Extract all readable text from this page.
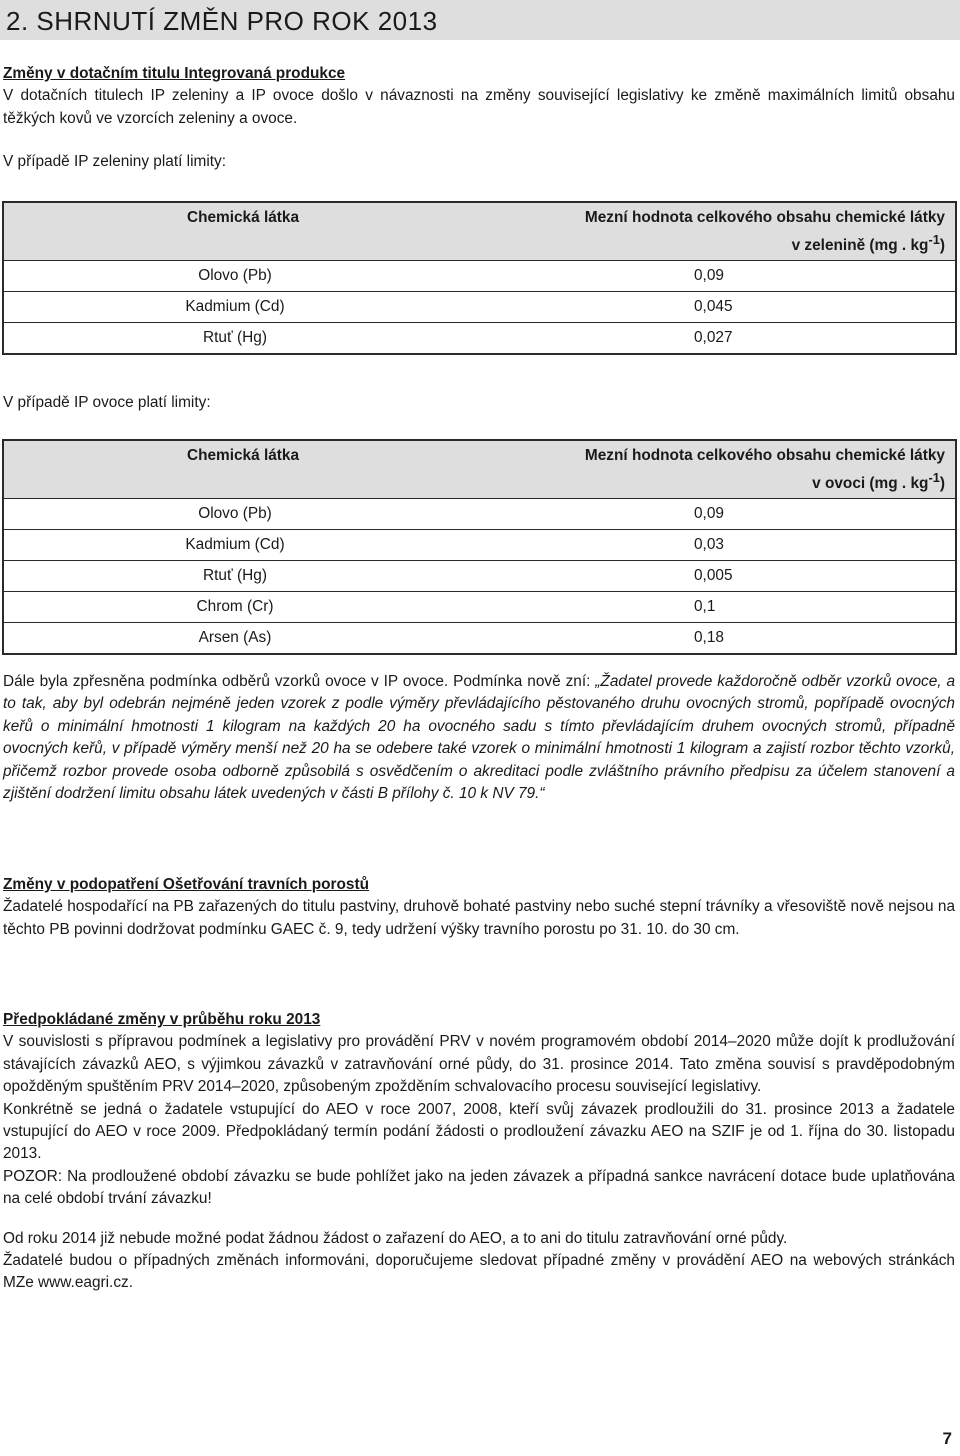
2. SHRNUTÍ ZMĚN PRO ROK 2013

Změny v dotačním titulu Integrovaná produkce

V dotačních titulech IP zeleniny a IP ovoce došlo v návaznosti na změny související legislativy ke změně maximálních limitů obsahu těžkých kovů ve vzorcích zeleniny a ovoce.

V případě IP zeleniny platí limity:

Chemická látka	Mezní hodnota celkového obsahu chemické látky
v zelenině (mg . $kg^{-1}$)

Olovo (Pb)	0,09

Kadmium (Cd)	0,045

Rtuť (Hg)	0,027

V případě IP ovoce platí limity:

Chemická látka	Mezní hodnota celkového obsahu chemické látky
v ovoci (mg . $kg^{-1}$)

Olovo (Pb)	0,09

Kadmium (Cd)	0,03

Rtuť (Hg)	0,005

Chrom (Cr)	0,1

Arsen (As)	0,18

Dále byla zpřesněna podmínka odběrů vzorků ovoce v IP ovoce. Podmínka nově zní: „Žadatel provede každoročně odběr vzorků ovoce, a to tak, aby byl odebrán nejméně jeden vzorek z podle výměry převládajícího pěstovaného druhu ovocných stromů, popřípadě ovocných keřů o minimální hmotnosti 1 kilogram na každých 20 ha ovocného sadu s tímto převládajícím druhem ovocných stromů, případně ovocných keřů, v případě výměry menší než 20 ha se odebere také vzorek o minimální hmotnosti 1 kilogram a zajistí rozbor těchto vzorků, přičemž rozbor provede osoba odborně způsobilá s osvědčením o akreditaci podle zvláštního právního předpisu za účelem stanovení a zjištění dodržení limitu obsahu látek uvedených v části B přílohy č. 10 k NV 79.“

Změny v podopatření Ošetřování travních porostů

Žadatelé hospodařící na PB zařazených do titulu pastviny, druhově bohaté pastviny nebo suché stepní trávníky a vřesoviště nově nejsou na těchto PB povinni dodržovat podmínku GAEC č. 9, tedy udržení výšky travního porostu po 31. 10. do 30 cm.

Předpokládané změny v průběhu roku 2013

V souvislosti s přípravou podmínek a legislativy pro provádění PRV v novém programovém období 2014–2020 může dojít k prodlužování stávajících závazků AEO, s výjimkou závazků v zatravňování orné půdy, do 31. prosince 2014. Tato změna souvisí s pravděpodobným opožděným spuštěním PRV 2014–2020, způsobeným zpožděním schvalovacího procesu související legislativy.

Konkrétně se jedná o žadatele vstupující do AEO v roce 2007, 2008, kteří svůj závazek prodloužili do 31. prosince 2013 a žadatele vstupující do AEO v roce 2009. Předpokládaný termín podání žádosti o prodloužení závazku AEO na SZIF je od 1. října do 30. listopadu 2013.

POZOR: Na prodloužené období závazku se bude pohlížet jako na jeden závazek a případná sankce navrácení dotace bude uplatňována na celé období trvání závazku!

Od roku 2014 již nebude možné podat žádnou žádost o zařazení do AEO, a to ani do titulu zatravňování orné půdy.

Žadatelé budou o případných změnách informováni, doporučujeme sledovat případné změny v provádění AEO na webových stránkách MZe www.eagri.cz.

7
